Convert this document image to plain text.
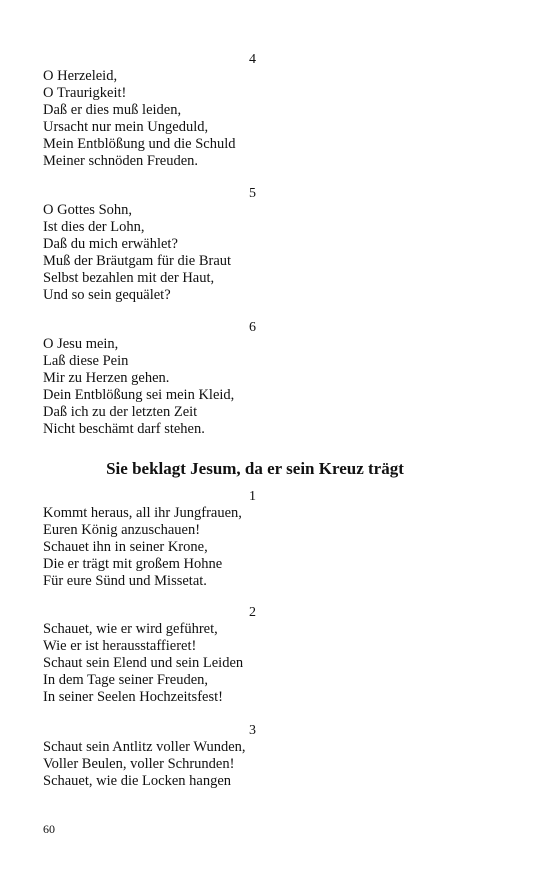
4
O Herzeleid,
O Traurigkeit!
Daß er dies muß leiden,
Ursacht nur mein Ungeduld,
Mein Entblößung und die Schuld
Meiner schnöden Freuden.
5
O Gottes Sohn,
Ist dies der Lohn,
Daß du mich erwählet?
Muß der Bräutgam für die Braut
Selbst bezahlen mit der Haut,
Und so sein gequälet?
6
O Jesu mein,
Laß diese Pein
Mir zu Herzen gehen.
Dein Entblößung sei mein Kleid,
Daß ich zu der letzten Zeit
Nicht beschämt darf stehen.
Sie beklagt Jesum, da er sein Kreuz trägt
1
Kommt heraus, all ihr Jungfrauen,
Euren König anzuschauen!
Schauet ihn in seiner Krone,
Die er trägt mit großem Hohne
Für eure Sünd und Missetat.
2
Schauet, wie er wird geführet,
Wie er ist herausstaffieret!
Schaut sein Elend und sein Leiden
In dem Tage seiner Freuden,
In seiner Seelen Hochzeitsfest!
3
Schaut sein Antlitz voller Wunden,
Voller Beulen, voller Schrunden!
Schauet, wie die Locken hangen
60
